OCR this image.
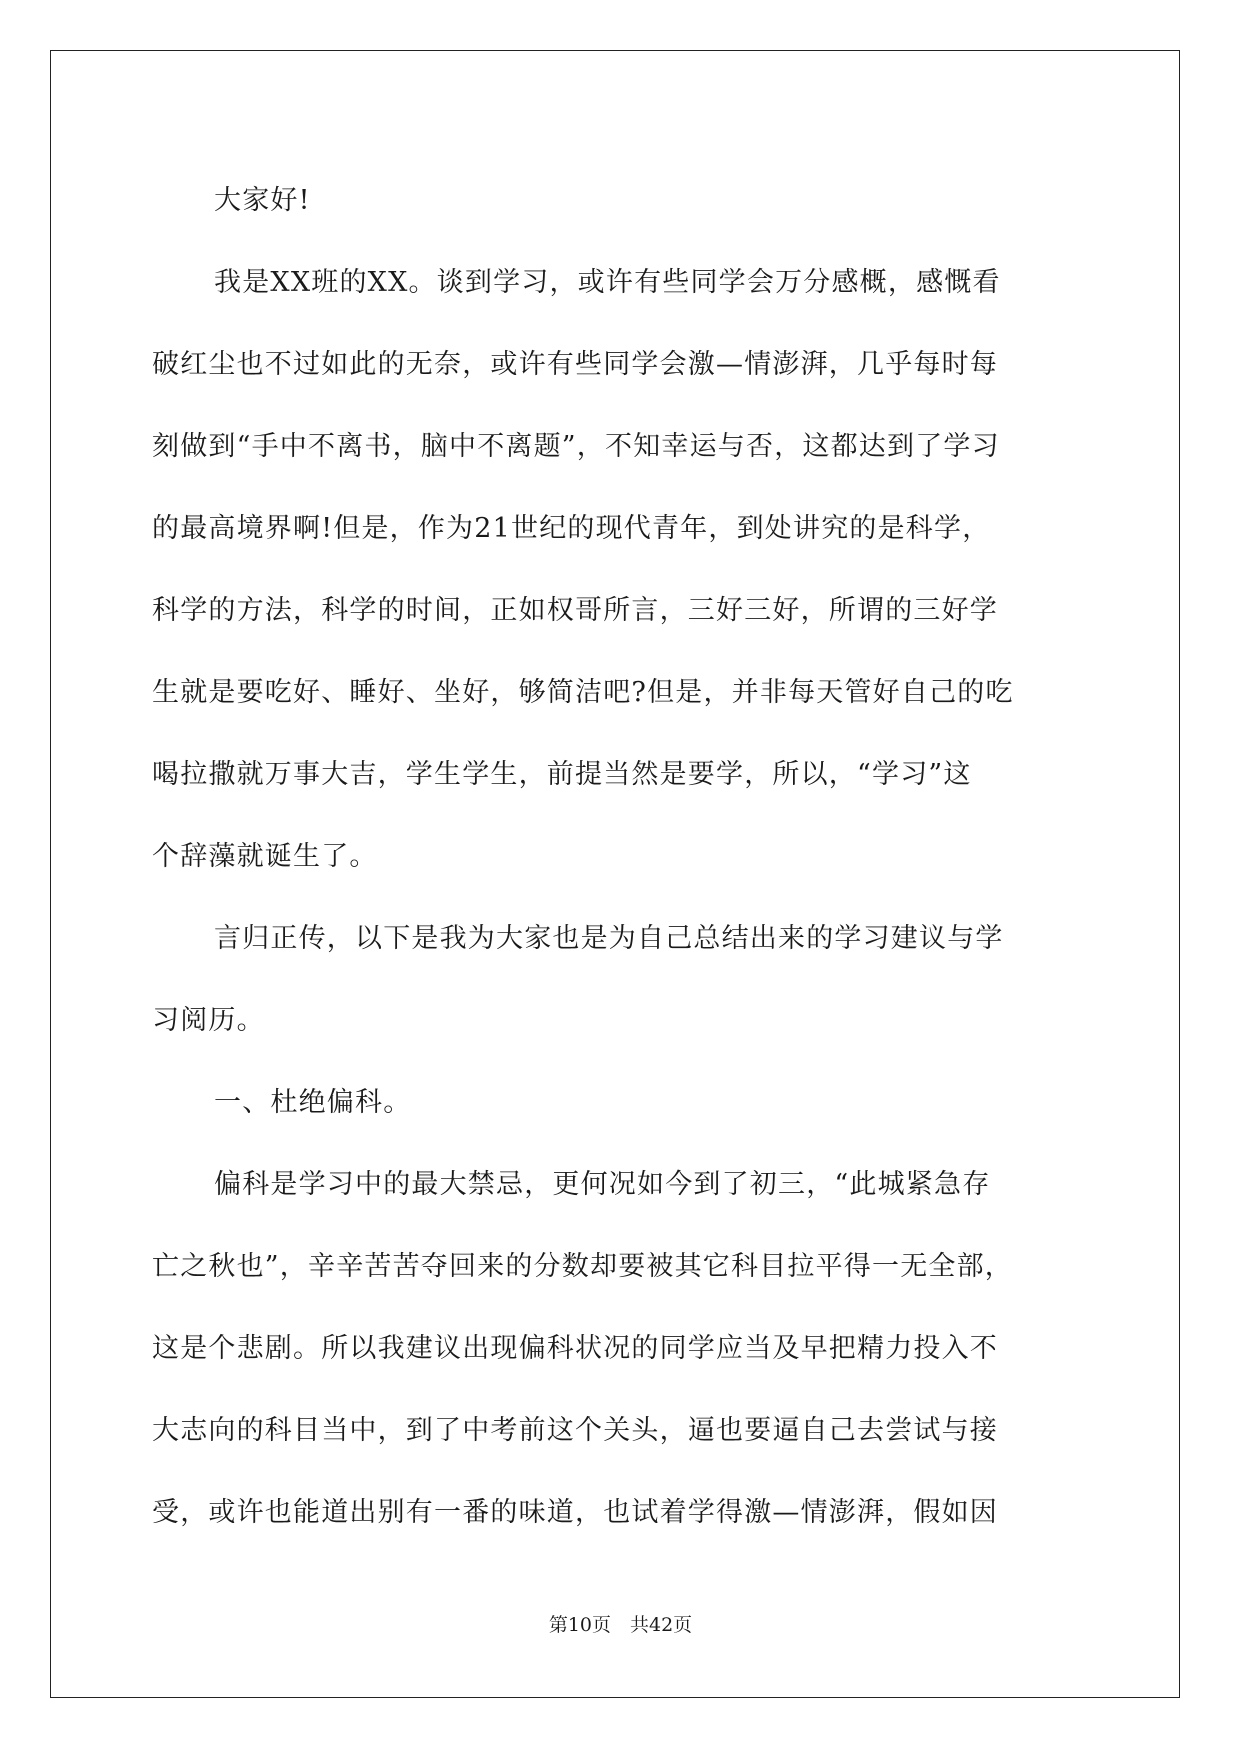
大家好!
我是XX班的XX。谈到学习，或许有些同学会万分感概，感慨看
破红尘也不过如此的无奈，或许有些同学会激—情澎湃，几乎每时每
刻做到“手中不离书，脑中不离题”，不知幸运与否，这都达到了学习
的最高境界啊!但是，作为21世纪的现代青年，到处讲究的是科学，
科学的方法，科学的时间，正如权哥所言，三好三好，所谓的三好学
生就是要吃好、睡好、坐好，够简洁吧?但是，并非每天管好自己的吃
喝拉撒就万事大吉，学生学生，前提当然是要学，所以，“学习”这
个辞藻就诞生了。
言归正传，以下是我为大家也是为自己总结出来的学习建议与学
习阅历。
一、杜绝偏科。
偏科是学习中的最大禁忌，更何况如今到了初三，“此城紧急存
亡之秋也”，辛辛苦苦夺回来的分数却要被其它科目拉平得一无全部，
这是个悲剧。所以我建议出现偏科状况的同学应当及早把精力投入不
大志向的科目当中，到了中考前这个关头，逼也要逼自己去尝试与接
受，或许也能道出别有一番的味道，也试着学得激—情澎湃，假如因
第10页　共42页
